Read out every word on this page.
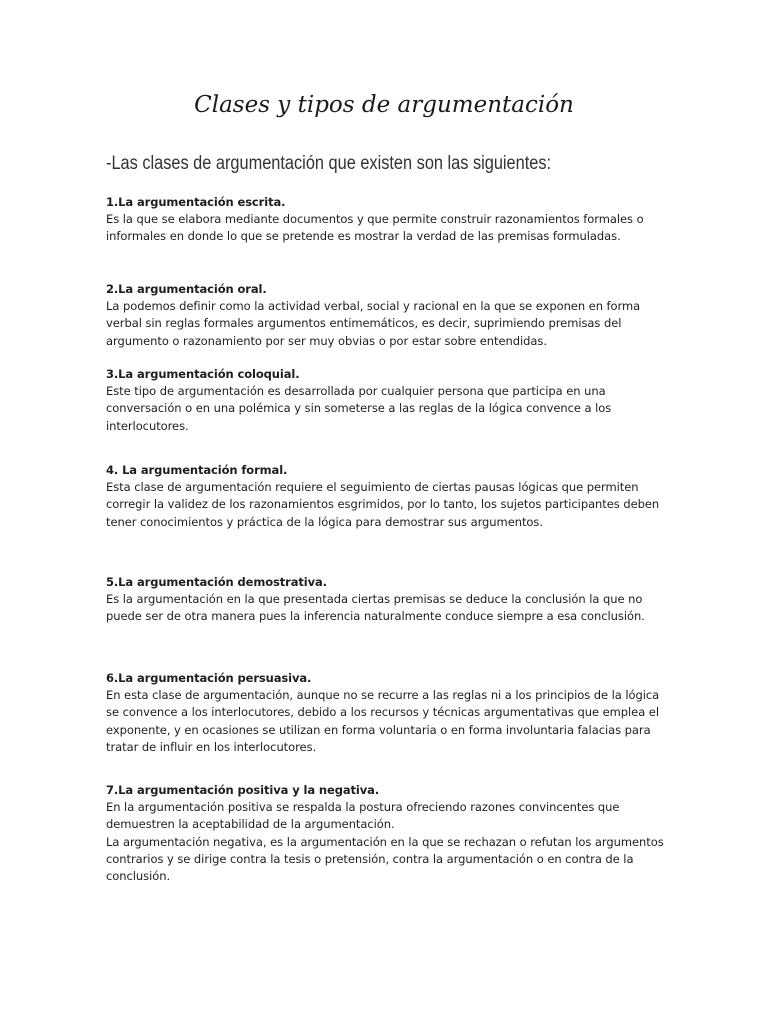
Clases y tipos de argumentación

-Las clases de argumentación que existen son las siguientes:

1.La argumentación escrita.
Es la que se elabora mediante documentos y que permite construir razonamientos formales o informales en donde lo que se pretende es mostrar la verdad de las premisas formuladas.
2.La argumentación oral.
La podemos definir como la actividad verbal, social y racional en la que se exponen en forma verbal sin reglas formales argumentos entimemáticos, es decir, suprimiendo premisas del argumento o razonamiento por ser muy obvias o por estar sobre entendidas.
3.La argumentación coloquial.
Este tipo de argumentación es desarrollada por cualquier persona que participa en una conversación o en una polémica y sin someterse a las reglas de la lógica convence a los interlocutores.
4. La argumentación formal.
Esta clase de argumentación requiere el seguimiento de ciertas pausas lógicas que permiten corregir la validez de los razonamientos esgrimidos, por lo tanto, los sujetos participantes deben tener conocimientos y práctica de la lógica para demostrar sus argumentos.
5.La argumentación demostrativa.
Es la argumentación en la que presentada ciertas premisas se deduce la conclusión la que no puede ser de otra manera pues la inferencia naturalmente conduce siempre a esa conclusión.
6.La argumentación persuasiva.
En esta clase de argumentación, aunque no se recurre a las reglas ni a los principios de la lógica se convence a los interlocutores, debido a los recursos y técnicas argumentativas que emplea el exponente, y en ocasiones se utilizan en forma voluntaria o en forma involuntaria falacias para tratar de influir en los interlocutores.
7.La argumentación positiva y la negativa.
En la argumentación positiva se respalda la postura ofreciendo razones convincentes que demuestren la aceptabilidad de la argumentación.
La argumentación negativa, es la argumentación en la que se rechazan o refutan los argumentos contrarios y se dirige contra la tesis o pretensión, contra la argumentación o en contra de la conclusión.
